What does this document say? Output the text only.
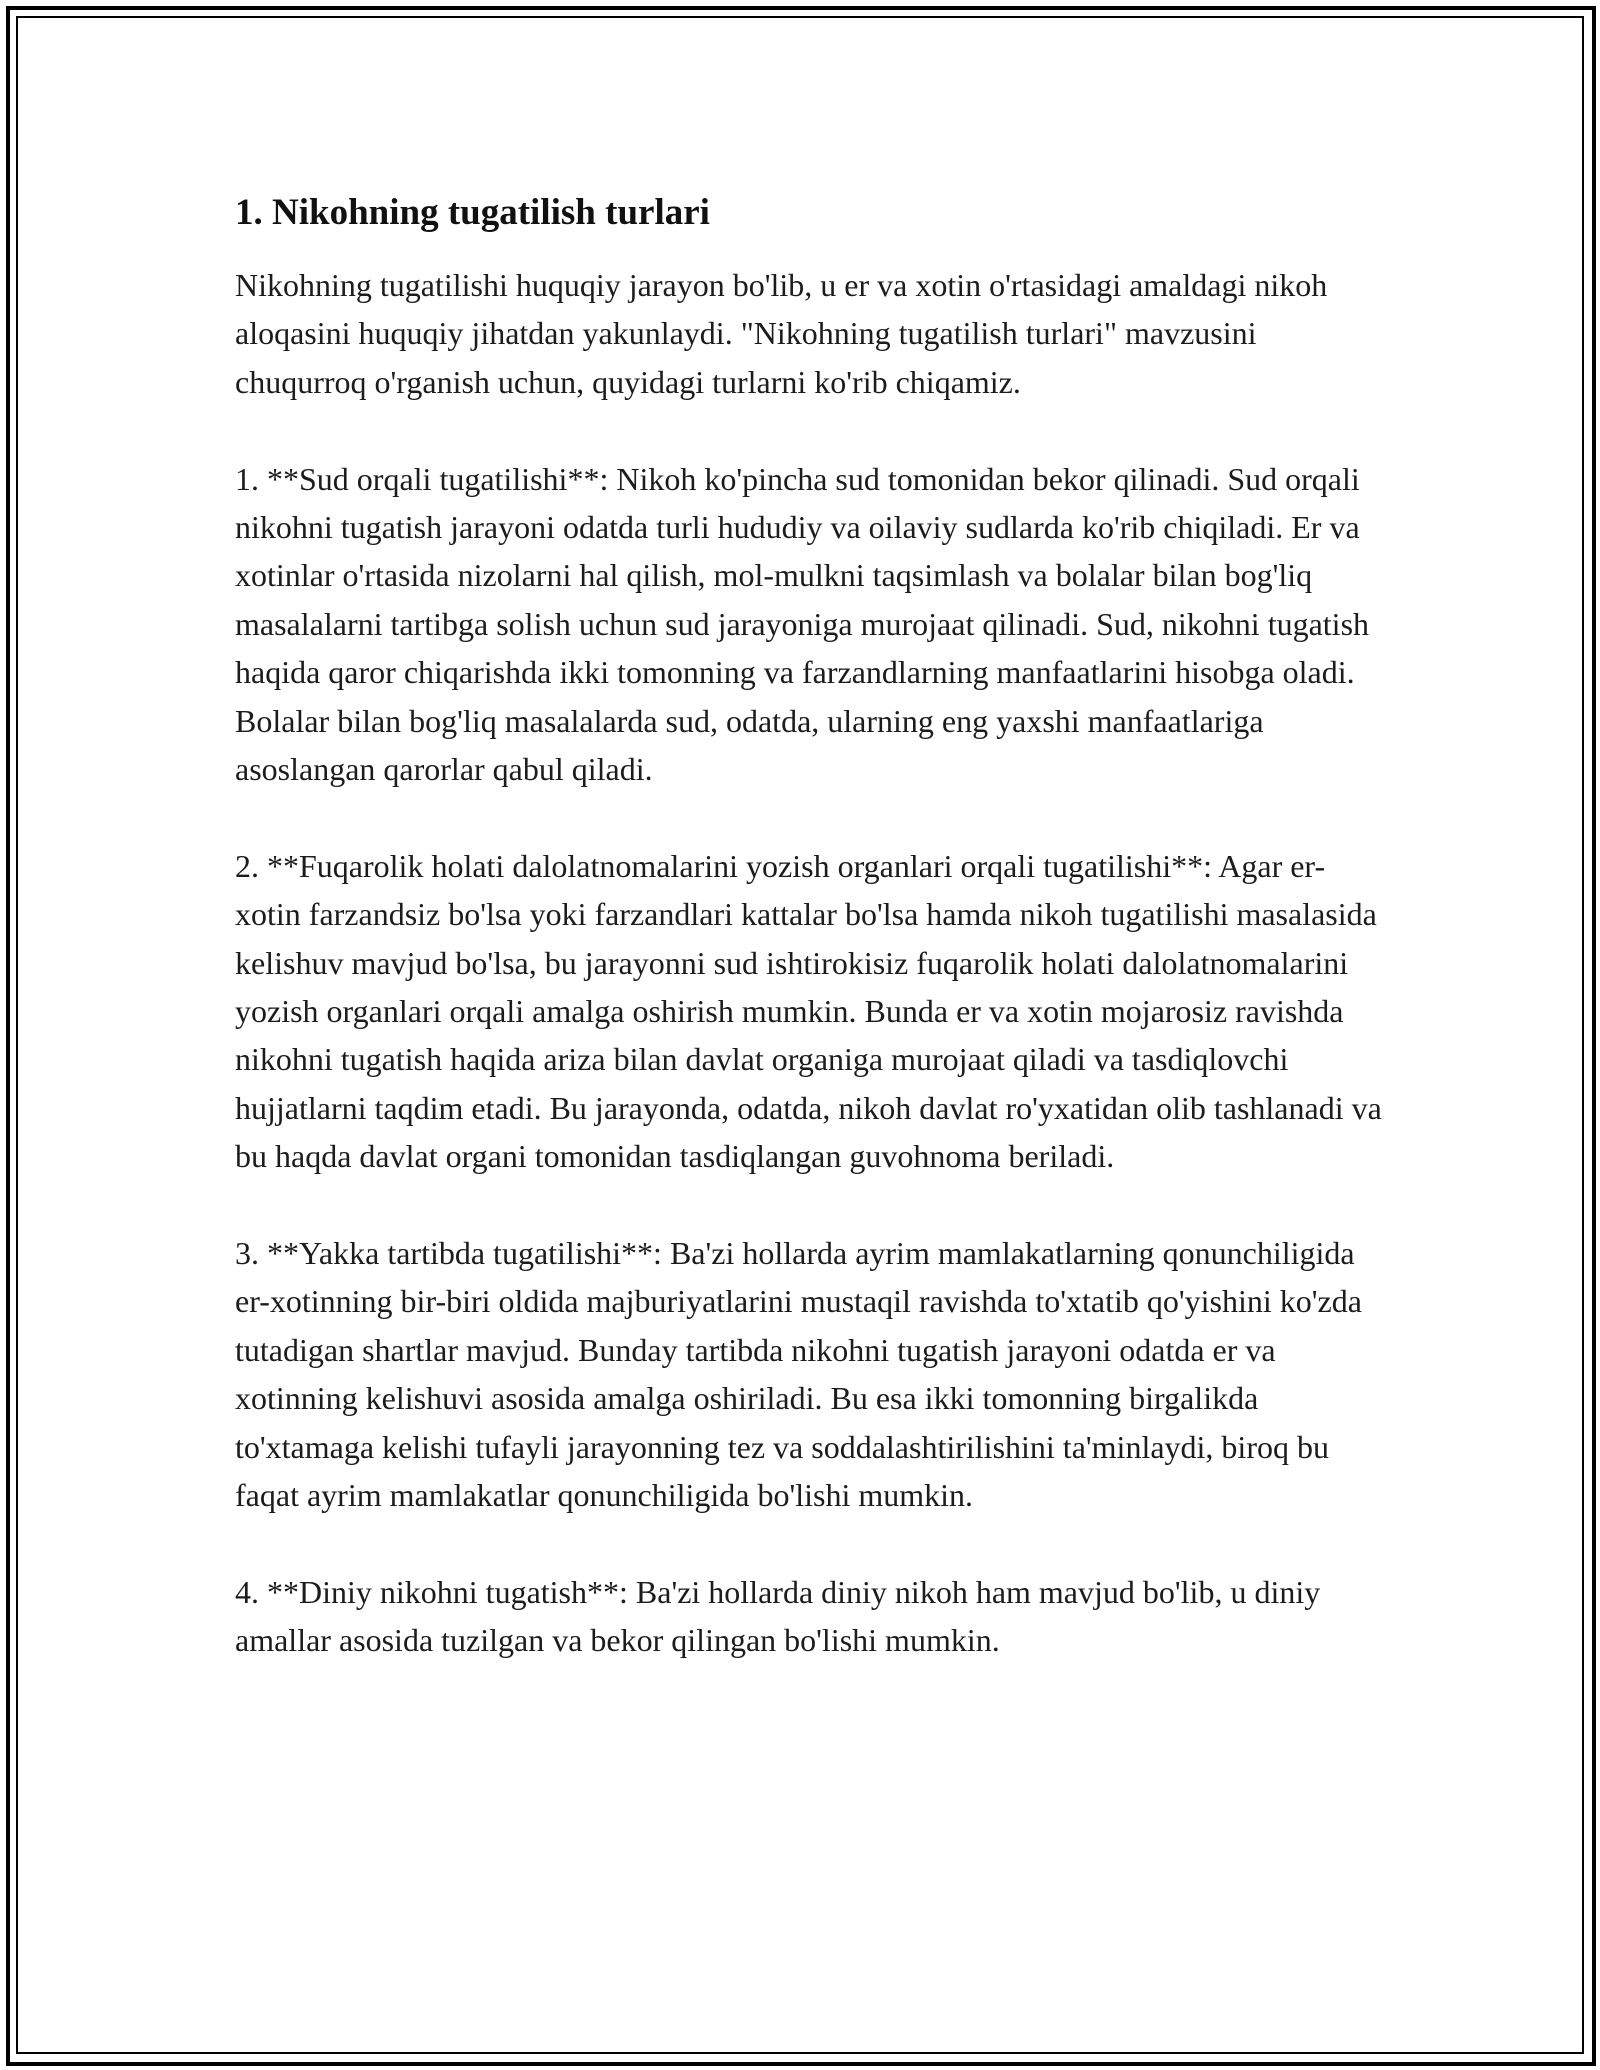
1. Nikohning tugatilish turlari

Nikohning tugatilishi huquqiy jarayon bo'lib, u er va xotin o'rtasidagi amaldagi nikoh aloqasini huquqiy jihatdan yakunlaydi. "Nikohning tugatilish turlari" mavzusini chuqurroq o'rganish uchun, quyidagi turlarni ko'rib chiqamiz.

1. **Sud orqali tugatilishi**: Nikoh ko'pincha sud tomonidan bekor qilinadi. Sud orqali nikohni tugatish jarayoni odatda turli hududiy va oilaviy sudlarda ko'rib chiqiladi. Er va xotinlar o'rtasida nizolarni hal qilish, mol-mulkni taqsimlash va bolalar bilan bog'liq masalalarni tartibga solish uchun sud jarayoniga murojaat qilinadi. Sud, nikohni tugatish haqida qaror chiqarishda ikki tomonning va farzandlarning manfaatlarini hisobga oladi. Bolalar bilan bog'liq masalalarda sud, odatda, ularning eng yaxshi manfaatlariga asoslangan qarorlar qabul qiladi.

2. **Fuqarolik holati dalolatnomalarini yozish organlari orqali tugatilishi**: Agar er-xotin farzandsiz bo'lsa yoki farzandlari kattalar bo'lsa hamda nikoh tugatilishi masalasida kelishuv mavjud bo'lsa, bu jarayonni sud ishtirokisiz fuqarolik holati dalolatnomalarini yozish organlari orqali amalga oshirish mumkin. Bunda er va xotin mojarosiz ravishda nikohni tugatish haqida ariza bilan davlat organiga murojaat qiladi va tasdiqlovchi hujjatlarni taqdim etadi. Bu jarayonda, odatda, nikoh davlat ro'yxatidan olib tashlanadi va bu haqda davlat organi tomonidan tasdiqlangan guvohnoma beriladi.

3. **Yakka tartibda tugatilishi**: Ba'zi hollarda ayrim mamlakatlarning qonunchiligida er-xotinning bir-biri oldida majburiyatlarini mustaqil ravishda to'xtatib qo'yishini ko'zda tutadigan shartlar mavjud. Bunday tartibda nikohni tugatish jarayoni odatda er va xotinning kelishuvi asosida amalga oshiriladi. Bu esa ikki tomonning birgalikda to'xtamaga kelishi tufayli jarayonning tez va soddalashtirilishini ta'minlaydi, biroq bu faqat ayrim mamlakatlar qonunchiligida bo'lishi mumkin.

4. **Diniy nikohni tugatish**: Ba'zi hollarda diniy nikoh ham mavjud bo'lib, u diniy amallar asosida tuzilgan va bekor qilingan bo'lishi mumkin.
